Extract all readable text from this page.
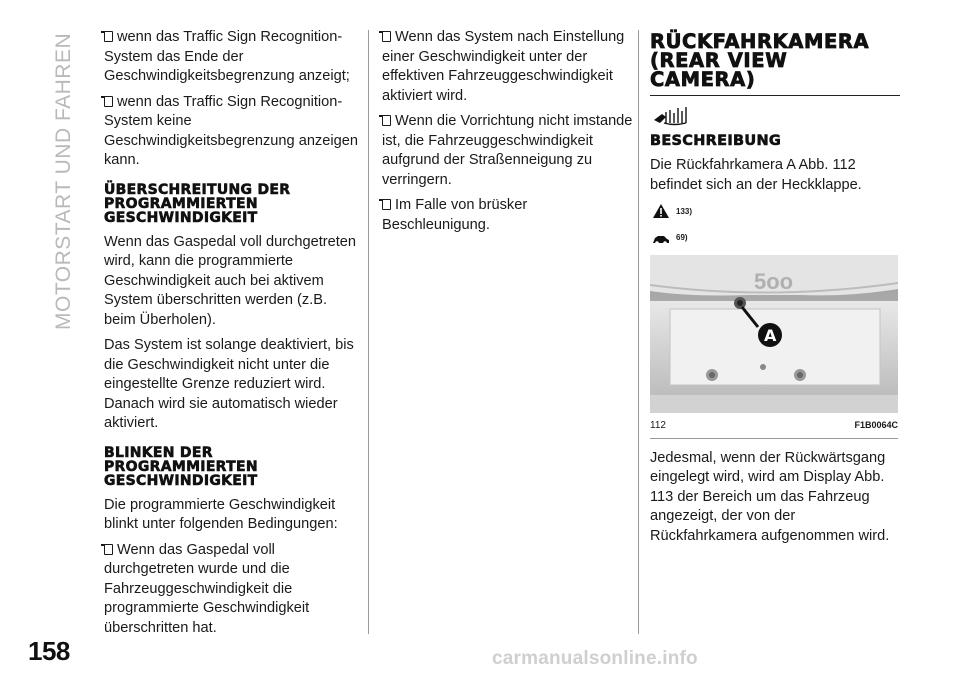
MOTORSTART UND FAHREN
158

wenn das Traffic Sign Recognition-System das Ende der Geschwindigkeitsbegrenzung anzeigt;

wenn das Traffic Sign Recognition-System keine Geschwindigkeitsbegrenzung anzeigen kann.

ÜBERSCHREITUNG DER PROGRAMMIERTEN GESCHWINDIGKEIT

Wenn das Gaspedal voll durchgetreten wird, kann die programmierte Geschwindigkeit auch bei aktivem System überschritten werden (z.B. beim Überholen).

Das System ist solange deaktiviert, bis die Geschwindigkeit nicht unter die eingestellte Grenze reduziert wird. Danach wird sie automatisch wieder aktiviert.

BLINKEN DER PROGRAMMIERTEN GESCHWINDIGKEIT

Die programmierte Geschwindigkeit blinkt unter folgenden Bedingungen:

Wenn das Gaspedal voll durchgetreten wurde und die Fahrzeuggeschwindigkeit die programmierte Geschwindigkeit überschritten hat.

Wenn das System nach Einstellung einer Geschwindigkeit unter der effektiven Fahrzeuggeschwindigkeit aktiviert wird.

Wenn die Vorrichtung nicht imstande ist, die Fahrzeuggeschwindigkeit aufgrund der Straßenneigung zu verringern.

Im Falle von brüsker Beschleunigung.

RÜCKFAHRKAMERA (REAR VIEW CAMERA)
BESCHREIBUNG

Die Rückfahrkamera A Abb. 112 befindet sich an der Heckklappe.

133)
69)
5oo
A
112	F1B0064C

Jedesmal, wenn der Rückwärtsgang eingelegt wird, wird am Display Abb. 113 der Bereich um das Fahrzeug angezeigt, der von der Rückfahrkamera aufgenommen wird.

carmanualsonline.info
